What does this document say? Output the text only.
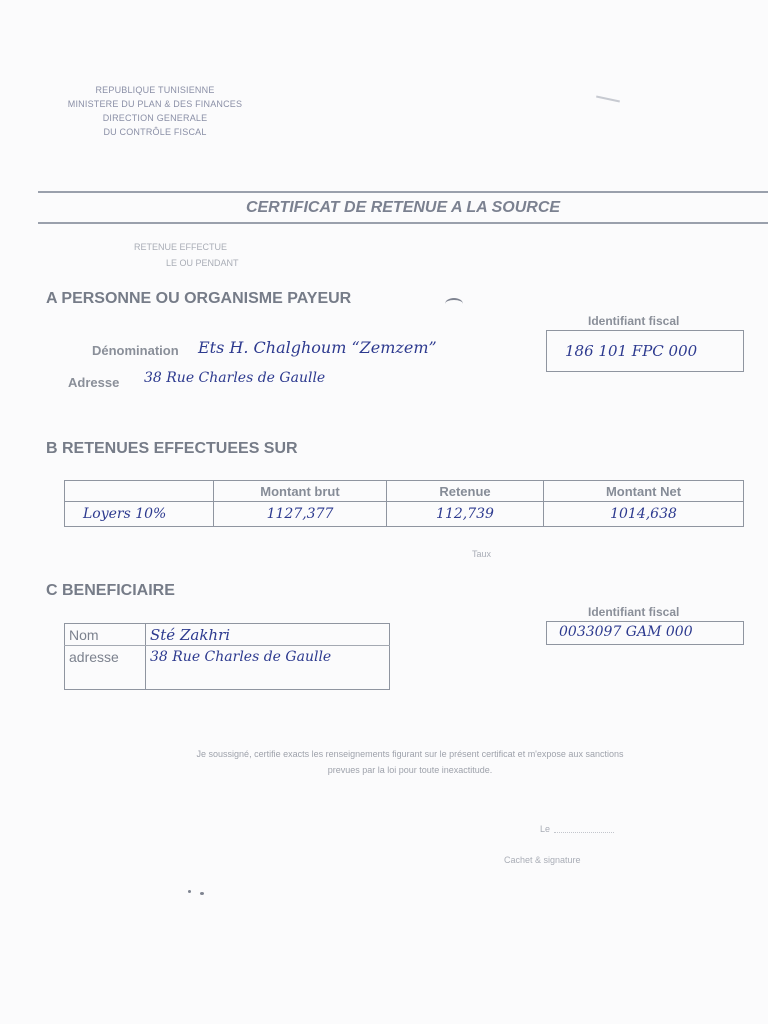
REPUBLIQUE TUNISIENNE
MINISTERE DU PLAN & DES FINANCES
DIRECTION GENERALE
DU CONTRÔLE FISCAL
CERTIFICAT DE RETENUE A LA SOURCE
RETENUE EFFECTUE
LE OU PENDANT
A PERSONNE OU ORGANISME PAYEUR
Dénomination Ets H. Chalghoum “Zemzem”
Adresse 38 Rue Charles de Gaulle
Identifiant fiscal
186 101 FPC 000
B RETENUES EFFECTUEES SUR
	Montant brut	Retenue	Montant Net
Loyers 10%	1127,377	112,739	1014,638
Taux
C BENEFICIAIRE
Nom	Sté Zakhri
adresse	38 Rue Charles de Gaulle

Identifiant fiscal
0033097 GAM 000
Je soussigné, certifie exacts les renseignements figurant sur le présent certificat et m'expose aux sanctions
prevues par la loi pour toute inexactitude.
Le
Cachet & signature
